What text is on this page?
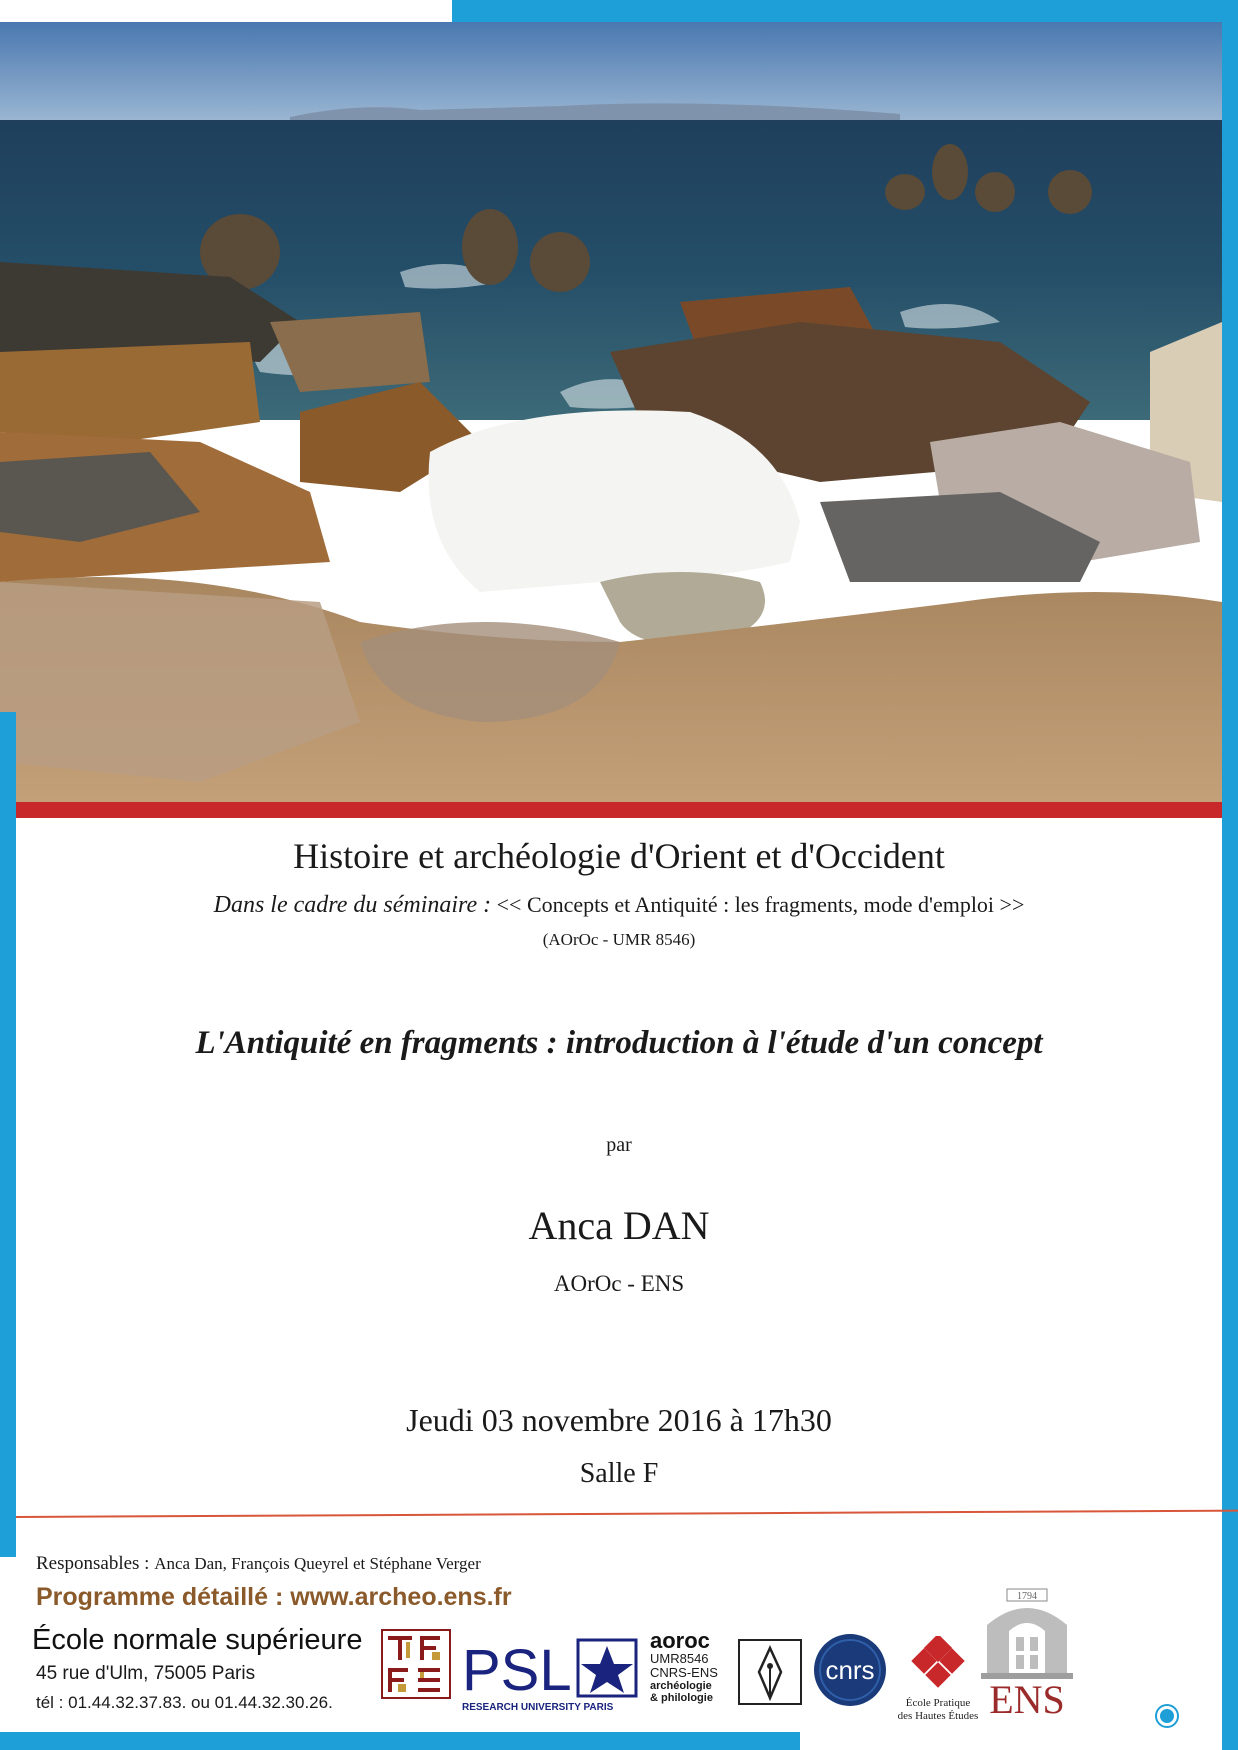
Histoire et archéologie d'Orient et d'Occident
Dans le cadre du séminaire : << Concepts et Antiquité : les fragments, mode d'emploi >>
(AOrOc - UMR 8546)
L'Antiquité en fragments : introduction à l'étude d'un concept
par
Anca DAN
AOrOc - ENS
Jeudi 03 novembre 2016 à 17h30
Salle F
Responsables : Anca Dan, François Queyrel et Stéphane Verger
Programme détaillé : www.archeo.ens.fr
École normale supérieure
45 rue d'Ulm, 75005 Paris
tél : 01.44.32.37.83. ou 01.44.32.30.26. PSL
RESEARCH UNIVERSITY PARIS
aoroc
UMR8546
CNRS-ENS
archéologie
& philologie
cnrs
École Pratique
des Hautes Études
1794
ENS
